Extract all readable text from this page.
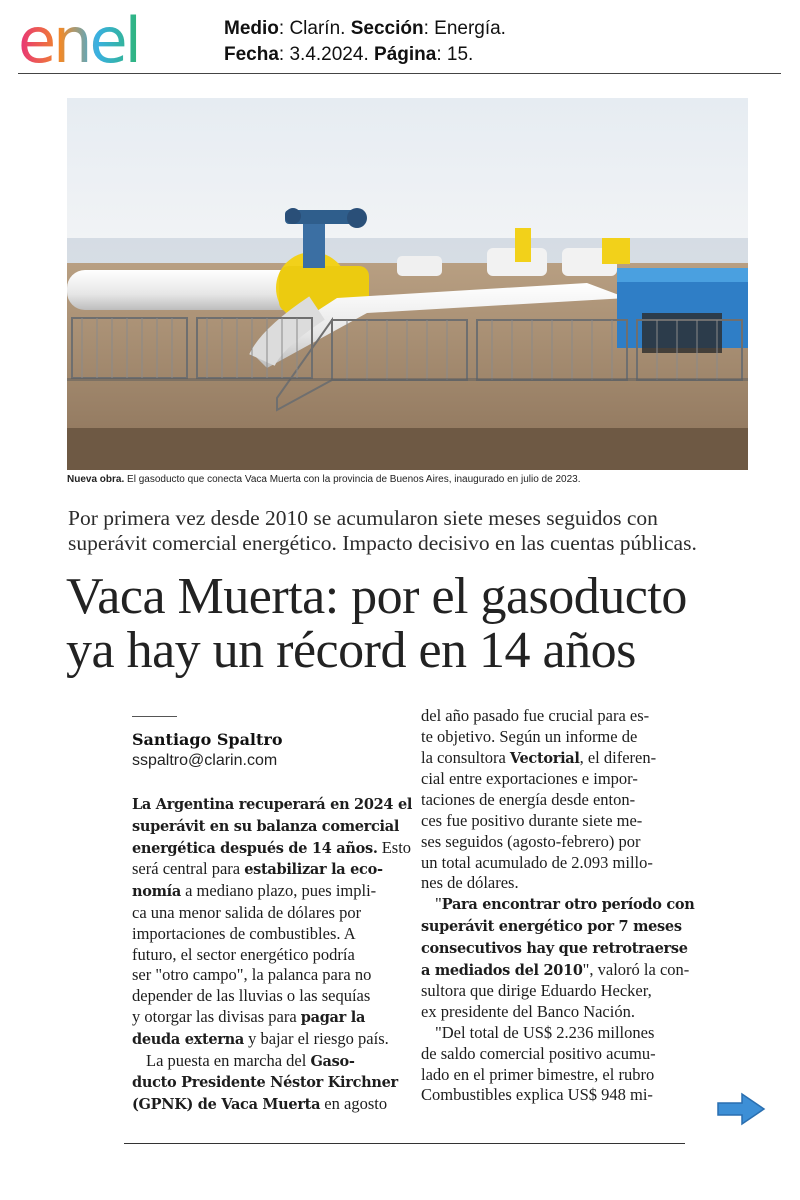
enel	Medio: Clarín. Sección: Energía.
Fecha: 3.4.2024. Página: 15.
Nueva obra. El gasoducto que conecta Vaca Muerta con la provincia de Buenos Aires, inaugurado en julio de 2023.
Por primera vez desde 2010 se acumularon siete meses seguidos con
superávit comercial energético. Impacto decisivo en las cuentas públicas.
Vaca Muerta: por el gasoducto
ya hay un récord en 14 años
Santiago Spaltro
sspaltro@clarin.com
La Argentina recuperará en 2024 el
superávit en su balanza comercial
energética después de 14 años. Esto
será central para estabilizar la eco-
nomía a mediano plazo, pues impli-
ca una menor salida de dólares por
importaciones de combustibles. A
futuro, el sector energético podría
ser "otro campo", la palanca para no
depender de las lluvias o las sequías
y otorgar las divisas para pagar la
deuda externa y bajar el riesgo país.
La puesta en marcha del Gaso-
ducto Presidente Néstor Kirchner
(GPNK) de Vaca Muerta en agosto
del año pasado fue crucial para es-
te objetivo. Según un informe de
la consultora Vectorial, el diferen-
cial entre exportaciones e impor-
taciones de energía desde enton-
ces fue positivo durante siete me-
ses seguidos (agosto-febrero) por
un total acumulado de 2.093 millo-
nes de dólares.
"Para encontrar otro período con
superávit energético por 7 meses
consecutivos hay que retrotraerse
a mediados del 2010", valoró la con-
sultora que dirige Eduardo Hecker,
ex presidente del Banco Nación.
"Del total de US$ 2.236 millones
de saldo comercial positivo acumu-
lado en el primer bimestre, el rubro
Combustibles explica US$ 948 mi-
